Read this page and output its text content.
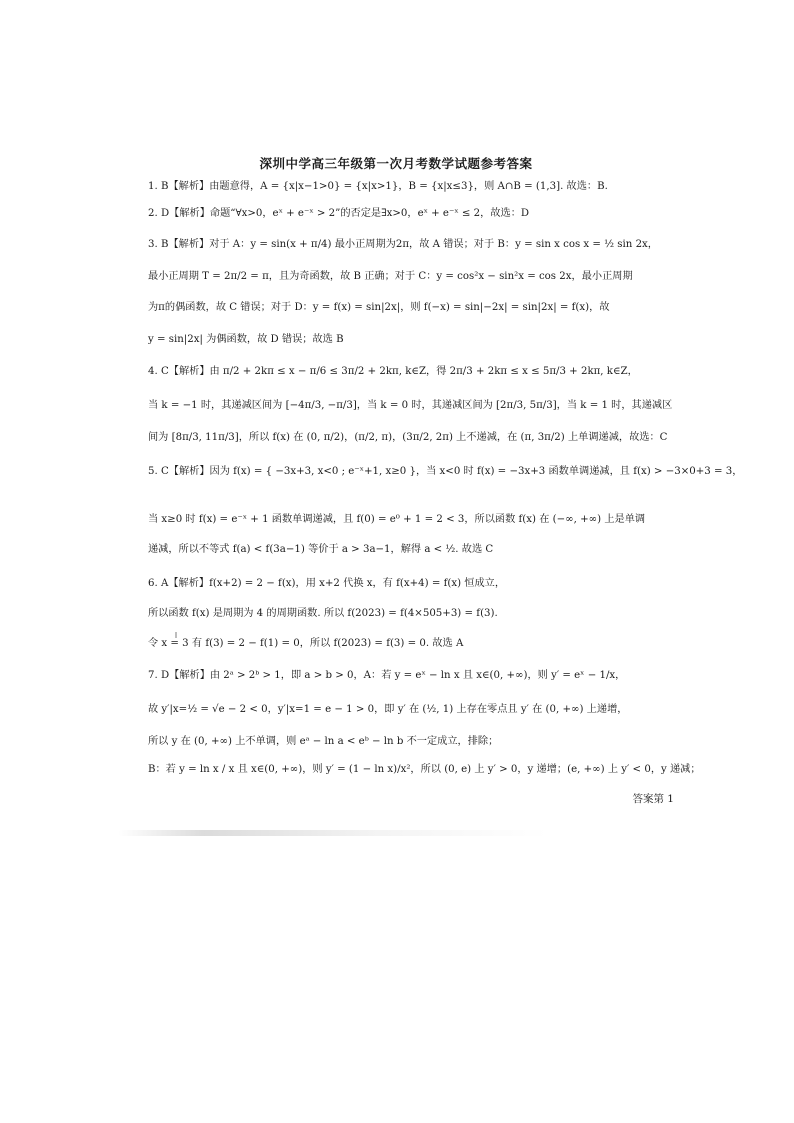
深圳中学高三年级第一次月考数学试题参考答案
1. B【解析】由题意得，A = {x|x−1>0} = {x|x>1}，B = {x|x≤3}，则 A∩B = (1,3]. 故选：B.
2. D【解析】命题“∀x>0，eˣ + e⁻ˣ > 2”的否定是∃x>0，eˣ + e⁻ˣ ≤ 2，故选：D
3. B【解析】对于 A：y = sin(x + π/4) 最小正周期为2π，故 A 错误；对于 B：y = sin x cos x = ½ sin 2x，
最小正周期 T = 2π/2 = π，且为奇函数，故 B 正确；对于 C：y = cos²x − sin²x = cos 2x，最小正周期
为π的偶函数，故 C 错误；对于 D：y = f(x) = sin|2x|，则 f(−x) = sin|−2x| = sin|2x| = f(x)，故
y = sin|2x| 为偶函数，故 D 错误；故选 B
4. C【解析】由 π/2 + 2kπ ≤ x − π/6 ≤ 3π/2 + 2kπ, k∈Z，得 2π/3 + 2kπ ≤ x ≤ 5π/3 + 2kπ, k∈Z，
当 k = −1 时，其递减区间为 [−4π/3, −π/3]，当 k = 0 时，其递减区间为 [2π/3, 5π/3]，当 k = 1 时，其递减区
间为 [8π/3, 11π/3]，所以 f(x) 在 (0, π/2)，(π/2, π)，(3π/2, 2π) 上不递减，在 (π, 3π/2) 上单调递减，故选：C
5. C【解析】因为 f(x) = { −3x+3, x<0 ; e⁻ˣ+1, x≥0 }，当 x<0 时 f(x) = −3x+3 函数单调递减，且 f(x) > −3×0+3 = 3，
当 x≥0 时 f(x) = e⁻ˣ + 1 函数单调递减，且 f(0) = e⁰ + 1 = 2 < 3，所以函数 f(x) 在 (−∞, +∞) 上是单调
递减，所以不等式 f(a) < f(3a−1) 等价于 a > 3a−1，解得 a < ½. 故选 C
6. A【解析】f(x+2) = 2 − f(x)，用 x+2 代换 x，有 f(x+4) = f(x) 恒成立，
所以函数 f(x) 是周期为 4 的周期函数. 所以 f(2023) = f(4×505+3) = f(3).
令 x = 3 有 f(3) = 2 − f(1) = 0，所以 f(2023) = f(3) = 0. 故选 A
7. D【解析】由 2ᵃ > 2ᵇ > 1，即 a > b > 0，A：若 y = eˣ − ln x 且 x∈(0, +∞)，则 y′ = eˣ − 1/x，
故 y′|x=½ = √e − 2 < 0，y′|x=1 = e − 1 > 0，即 y′ 在 (½, 1) 上存在零点且 y′ 在 (0, +∞) 上递增，
所以 y 在 (0, +∞) 上不单调，则 eᵃ − ln a < eᵇ − ln b 不一定成立，排除；
B：若 y = ln x / x 且 x∈(0, +∞)，则 y′ = (1 − ln x)/x²，所以 (0, e) 上 y′ > 0，y 递增；(e, +∞) 上 y′ < 0，y 递减；
答案第 1
